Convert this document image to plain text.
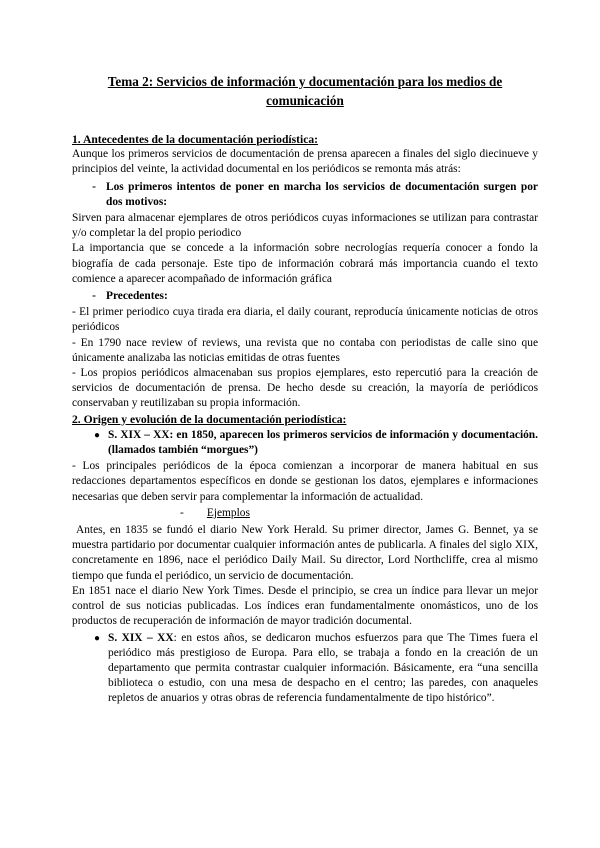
Tema 2: Servicios de información y documentación para los medios de comunicación
1. Antecedentes de la documentación periodística:

Aunque los primeros servicios de documentación de prensa aparecen a finales del siglo diecinueve y principios del veinte, la actividad documental en los periódicos se remonta más atrás:

- Los primeros intentos de poner en marcha los servicios de documentación surgen por dos motivos:

Sirven para almacenar ejemplares de otros periódicos cuyas informaciones se utilizan para contrastar y/o completar la del propio periodico

La importancia que se concede a la información sobre necrologías requería conocer a fondo la biografía de cada personaje. Este tipo de información cobrará más importancia cuando el texto comience a aparecer acompañado de información gráfica

- Precedentes:

- El primer periodico cuya tirada era diaria, el daily courant, reproducía únicamente noticias de otros periódicos

- En 1790 nace review of reviews, una revista que no contaba con periodistas de calle sino que únicamente analizaba las noticias emitidas de otras fuentes

- Los propios periódicos almacenaban sus propios ejemplares, esto repercutió para la creación de servicios de documentación de prensa. De hecho desde su creación, la mayoría de periódicos conservaban y reutilizaban su propia información.

2. Origen y evolución de la documentación periodística:
● S. XIX – XX: en 1850, aparecen los primeros servicios de información y documentación. (llamados también “morgues”)

- Los principales periódicos de la época comienzan a incorporar de manera habitual en sus redacciones departamentos específicos en donde se gestionan los datos, ejemplares e informaciones necesarias que deben servir para complementar la información de actualidad.

- Ejemplos

Antes, en 1835 se fundó el diario New York Herald. Su primer director, James G. Bennet, ya se muestra partidario por documentar cualquier información antes de publicarla. A finales del siglo XIX, concretamente en 1896, nace el periódico Daily Mail. Su director, Lord Northcliffe, crea al mismo tiempo que funda el periódico, un servicio de documentación.

En 1851 nace el diario New York Times. Desde el principio, se crea un índice para llevar un mejor control de sus noticias publicadas. Los índices eran fundamentalmente onomásticos, uno de los productos de recuperación de información de mayor tradición documental.

● S. XIX – XX: en estos años, se dedicaron muchos esfuerzos para que The Times fuera el periódico más prestigioso de Europa. Para ello, se trabaja a fondo en la creación de un departamento que permita contrastar cualquier información. Básicamente, era “una sencilla biblioteca o estudio, con una mesa de despacho en el centro; las paredes, con anaqueles repletos de anuarios y otras obras de referencia fundamentalmente de tipo histórico”.
